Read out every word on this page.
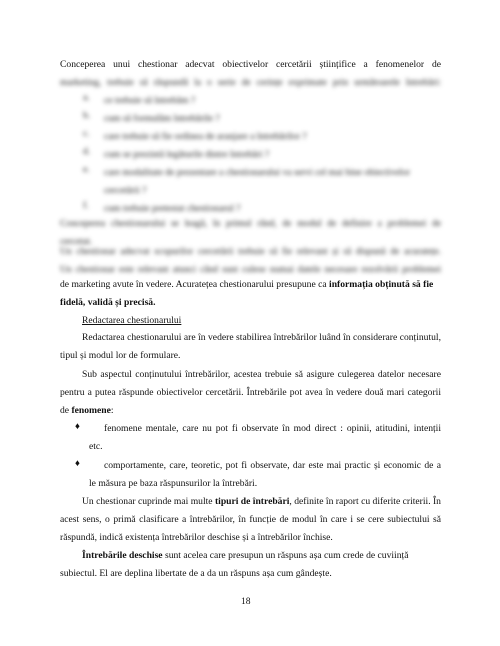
Conceperea unui chestionar adecvat obiectivelor cercetării științifice a fenomenelor de

marketing, trebuie să răspundă la o serie de cerințe exprimate prin următoarele întrebări:

a. ce trebuie să întrebăm ?
b. cum să formulăm întrebările ?
c. care trebuie să fie ordinea de aranjare a întrebărilor ?
d. cum se prezintă legăturile dintre întrebări ?
e. care modalitate de prezentare a chestionarului va servi cel mai bine obiectivelor
cercetării ?
f. cum trebuie pretestat chestionarul ?

Conceperea chestionarului se leagă, în primul rând, de modul de definire a problemei de

cercetat.

Un chestionar adecvat scopurilor cercetării trebuie să fie relevant și să dispună de acuratețe.

Un chestionar este relevant atunci când sunt culese numai datele necesare rezolvării problemei

de marketing avute în vedere. Acuratețea chestionarului presupune ca informația obținută să fie

fidelă, validă și precisă.

Redactarea chestionarului

Redactarea chestionarului are în vedere stabilirea întrebărilor luând în considerare conținutul,

tipul și modul lor de formulare.

Sub aspectul conținutului întrebărilor, acestea trebuie să asigure culegerea datelor necesare

pentru a putea răspunde obiectivelor cercetării. Întrebările pot avea în vedere două mari categorii

de fenomene:

♦	fenomene mentale, care nu pot fi observate în mod direct : opinii, atitudini, intenții

etc.

♦	comportamente, care, teoretic, pot fi observate, dar este mai practic și economic de a

le măsura pe baza răspunsurilor la întrebări.

Un chestionar cuprinde mai multe tipuri de întrebări, definite în raport cu diferite criterii. În

acest sens, o primă clasificare a întrebărilor, în funcție de modul în care i se cere subiectului să

răspundă, indică existența întrebărilor deschise și a întrebărilor închise.

Întrebările deschise sunt acelea care presupun un răspuns așa cum crede de cuviință

subiectul. El are deplina libertate de a da un răspuns așa cum gândește.

18
